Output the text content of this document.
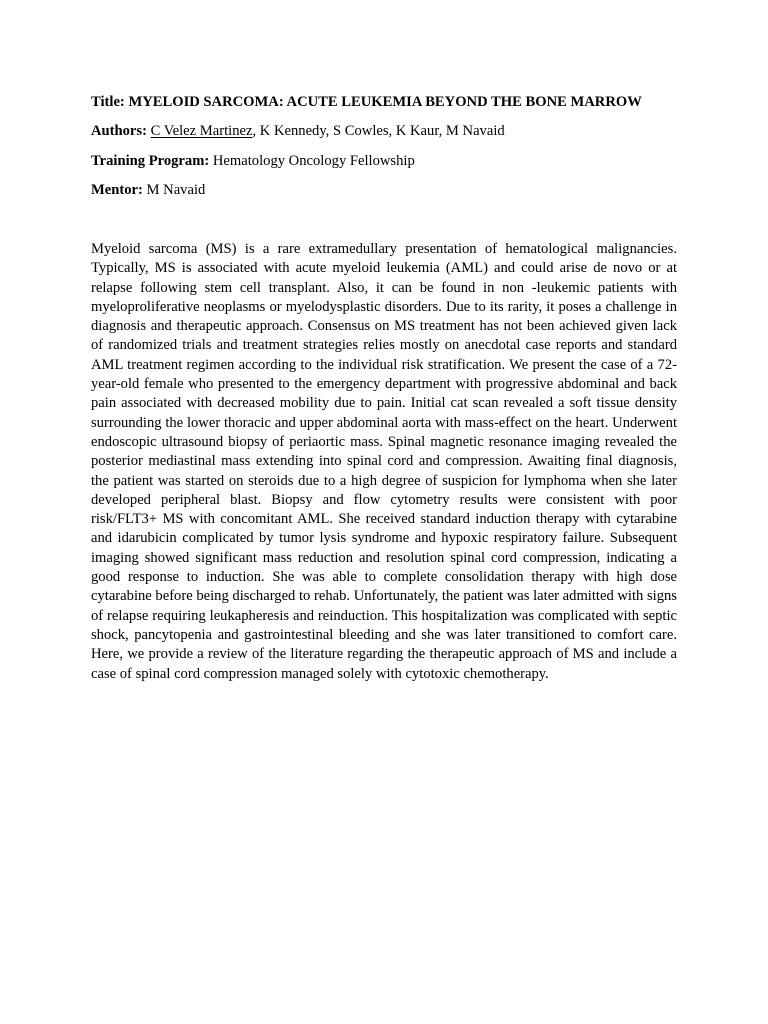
Title: MYELOID SARCOMA: ACUTE LEUKEMIA BEYOND THE BONE MARROW

Authors: C Velez Martinez, K Kennedy, S Cowles, K Kaur, M Navaid

Training Program: Hematology Oncology Fellowship

Mentor: M Navaid

Myeloid sarcoma (MS) is a rare extramedullary presentation of hematological malignancies. Typically, MS is associated with acute myeloid leukemia (AML) and could arise de novo or at relapse following stem cell transplant. Also, it can be found in non -leukemic patients with myeloproliferative neoplasms or myelodysplastic disorders. Due to its rarity, it poses a challenge in diagnosis and therapeutic approach. Consensus on MS treatment has not been achieved given lack of randomized trials and treatment strategies relies mostly on anecdotal case reports and standard AML treatment regimen according to the individual risk stratification. We present the case of a 72-year-old female who presented to the emergency department with progressive abdominal and back pain associated with decreased mobility due to pain. Initial cat scan revealed a soft tissue density surrounding the lower thoracic and upper abdominal aorta with mass-effect on the heart. Underwent endoscopic ultrasound biopsy of periaortic mass. Spinal magnetic resonance imaging revealed the posterior mediastinal mass extending into spinal cord and compression. Awaiting final diagnosis, the patient was started on steroids due to a high degree of suspicion for lymphoma when she later developed peripheral blast. Biopsy and flow cytometry results were consistent with poor risk/FLT3+ MS with concomitant AML. She received standard induction therapy with cytarabine and idarubicin complicated by tumor lysis syndrome and hypoxic respiratory failure. Subsequent imaging showed significant mass reduction and resolution spinal cord compression, indicating a good response to induction. She was able to complete consolidation therapy with high dose cytarabine before being discharged to rehab. Unfortunately, the patient was later admitted with signs of relapse requiring leukapheresis and reinduction. This hospitalization was complicated with septic shock, pancytopenia and gastrointestinal bleeding and she was later transitioned to comfort care. Here, we provide a review of the literature regarding the therapeutic approach of MS and include a case of spinal cord compression managed solely with cytotoxic chemotherapy.
